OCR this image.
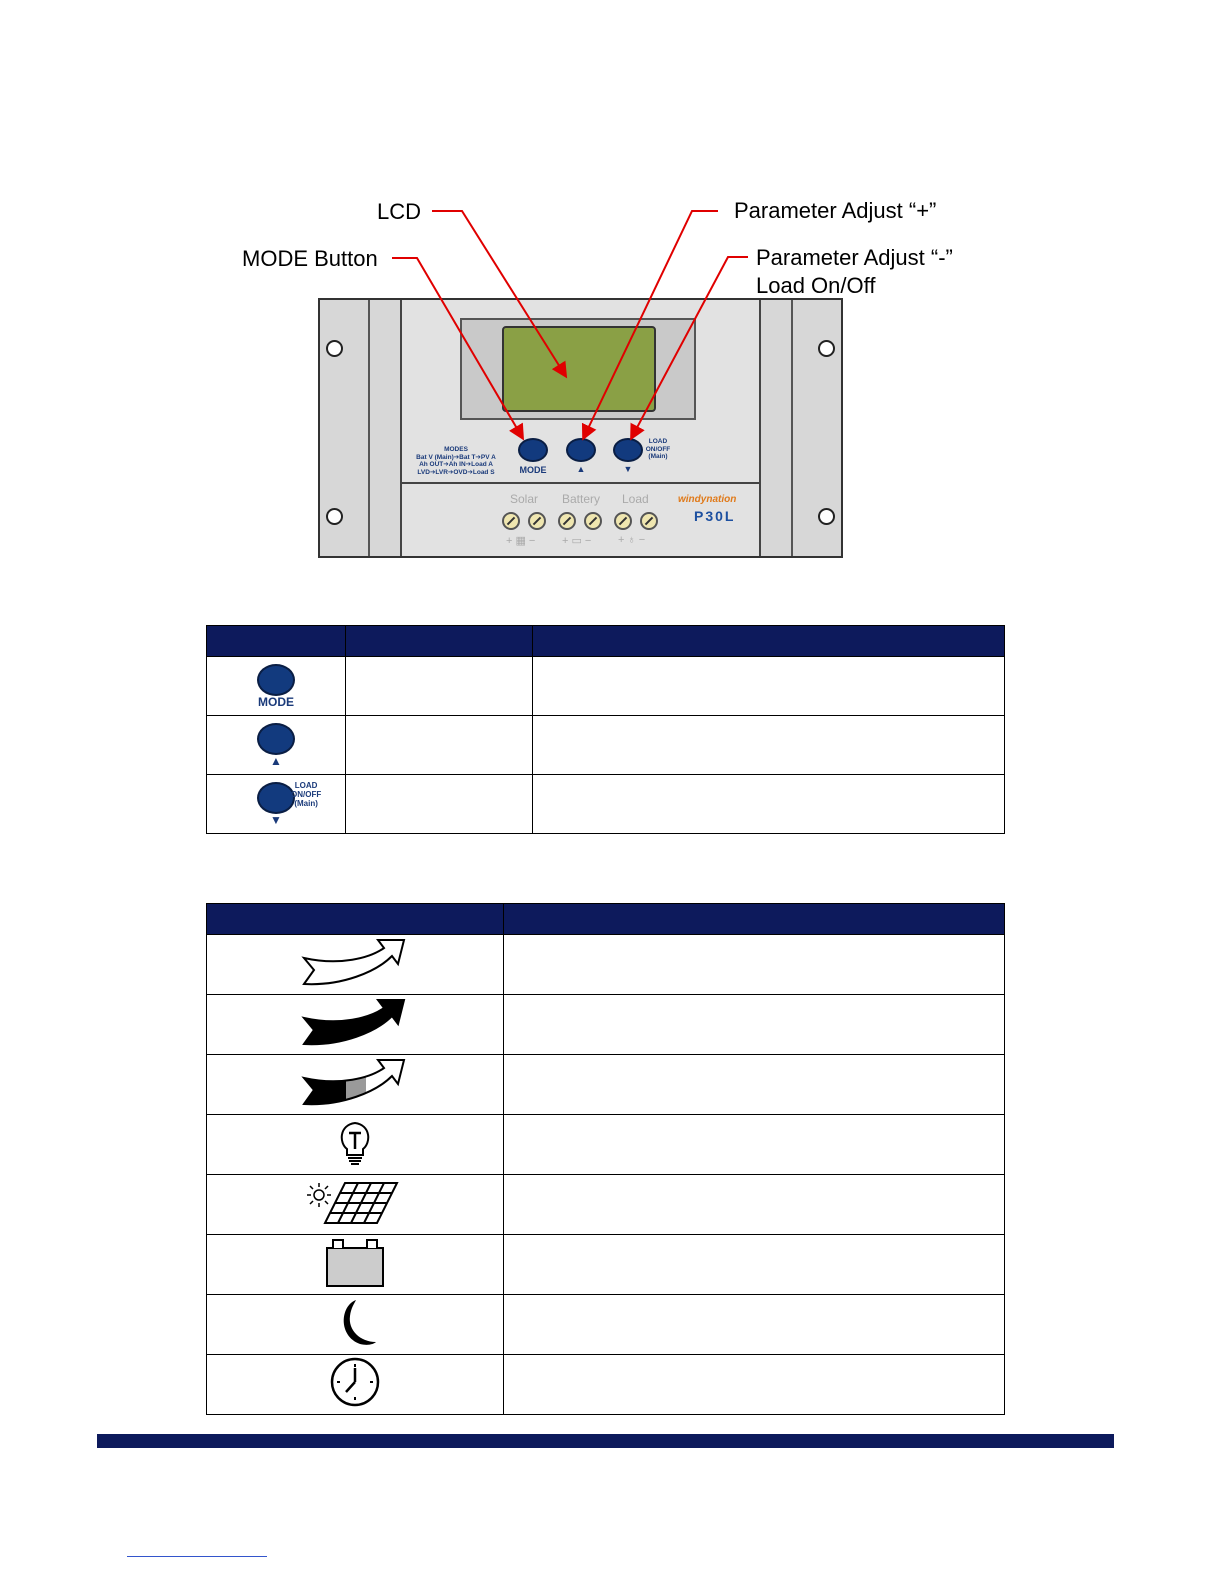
LCD	Parameter Adjust “+”
MODE Button	Parameter Adjust “-”
Load On/Off
MODES
Bat V (Main)➔Bat T➔PV A
Ah OUT➔Ah IN➔Load A
LVD➔LVR➔OVD➔Load S	MODE	▲	▼
LOAD
ON/OFF
(Main)
Solar Battery Load
+ ▦ − + ▭ − + ♁ −
windynation
P30L

MODE		

▲		

▼
LOAD
ON/OFF
(Main)		
